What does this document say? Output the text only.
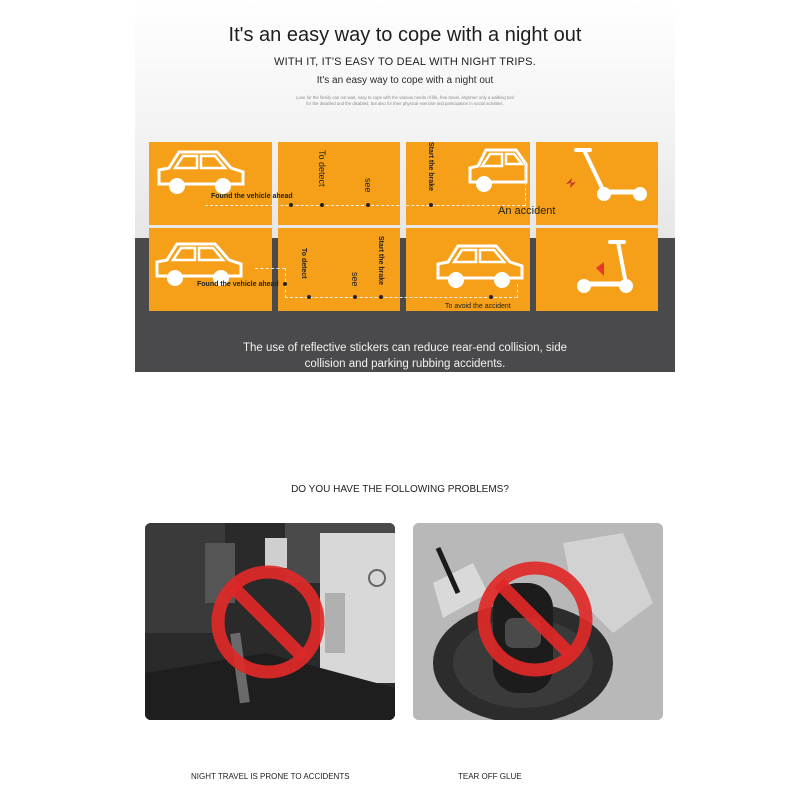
It's an easy way to cope with a night out
WITH IT, IT'S EASY TO DEAL WITH NIGHT TRIPS.
It's an easy way to cope with a night out
Love for the family can not wait, easy to cope with the various needs of life, free travel, anytime! only a walking tool for the disabled and the disabled, but also for their physical exercise and participation in social activities.
Found the vehicle ahead
To detect	see	Start the brake
An accident
Found the vehicle ahead
To detect
see Start the brake
To avoid the accident
The use of reflective stickers can reduce rear-end collision, side
collision and parking rubbing accidents.
DO YOU HAVE THE FOLLOWING PROBLEMS?
NIGHT TRAVEL IS PRONE TO ACCIDENTS	TEAR OFF GLUE
